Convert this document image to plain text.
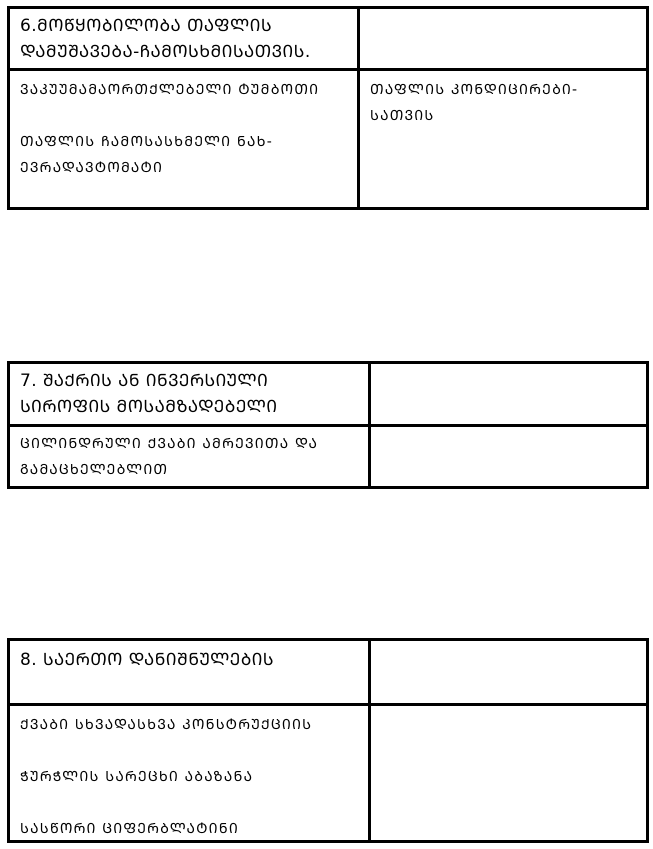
6.ᲛᲝᲬᲧᲝᲑᲘᲚᲝᲑᲐ ᲗᲐᲤᲚᲘᲡ ᲓᲐᲛᲣᲨᲐᲕᲔᲑᲐ-ᲩᲐᲛᲝᲡᲮᲛᲘᲡᲐᲗᲕᲘᲡ.
ᲕᲐᲙᲣᲣᲛᲐᲛᲐᲝᲠᲗᲥᲚᲔᲑᲔᲚᲘ ᲢᲣᲛᲑᲝᲗᲘ
ᲗᲐᲤᲚᲘᲡ ᲩᲐᲛᲝᲡᲐᲡᲮᲛᲔᲚᲘ ᲜᲐᲮ-ᲔᲕᲠᲐᲓᲐᲕᲢᲝᲛᲐᲢᲘ
ᲗᲐᲤᲚᲘᲡ ᲙᲝᲜᲓᲘᲪᲘᲠᲔᲑᲘ-ᲡᲐᲗᲕᲘᲡ
7. ᲨᲐᲥᲠᲘᲡ ᲐᲜ ᲘᲜᲕᲔᲠᲡᲘᲣᲚᲘ ᲡᲘᲠᲝᲤᲘᲡ ᲛᲝᲡᲐᲛᲖᲐᲓᲔᲑᲔᲚᲘ
ᲪᲘᲚᲘᲜᲓᲠᲣᲚᲘ ᲥᲕᲐᲑᲘ ᲐᲛᲠᲔᲕᲘᲗᲐ ᲓᲐ ᲒᲐᲛᲐᲪᲮᲔᲚᲔᲑᲚᲘᲗ
8. ᲡᲐᲔᲠᲗᲝ ᲓᲐᲜᲘᲨᲜᲣᲚᲔᲑᲘᲡ
ᲥᲕᲐᲑᲘ ᲡᲮᲕᲐᲓᲐᲡᲮᲕᲐ ᲙᲝᲜᲡᲢᲠᲣᲥᲪᲘᲘᲡ
ᲭᲣᲠᲭᲚᲘᲡ ᲡᲐᲠᲔᲪᲮᲘ ᲐᲑᲐᲖᲐᲜᲐ
ᲡᲐᲡᲬᲝᲠᲘ ᲪᲘᲤᲔᲠᲑᲚᲐᲢᲘᲜᲘ
